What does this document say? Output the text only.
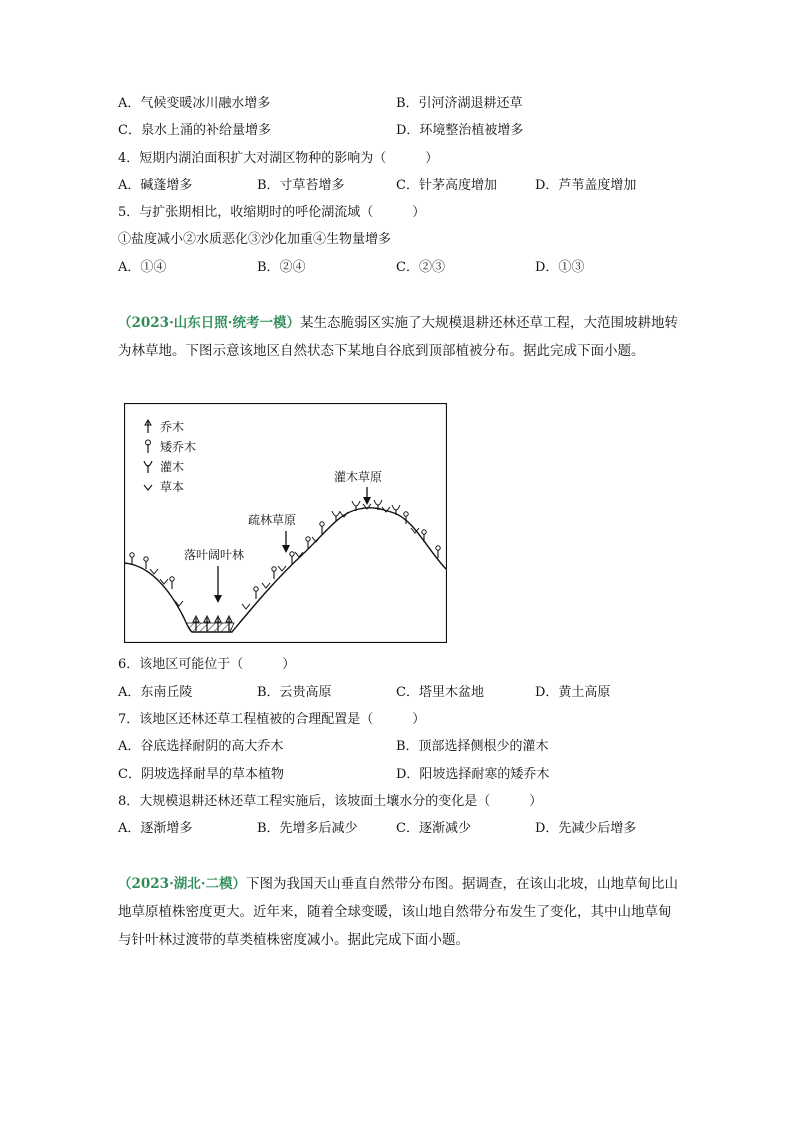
A．气候变暖冰川融水增多	B．引河济湖退耕还草
C．泉水上涌的补给量增多	D．环境整治植被增多
4．短期内湖泊面积扩大对湖区物种的影响为（　　　）
A．碱蓬增多	B．寸草苔增多	C．针茅高度增加	D．芦苇盖度增加
5．与扩张期相比，收缩期时的呼伦湖流域（　　　）
①盐度减小②水质恶化③沙化加重④生物量增多
A．①④	B．②④	C．②③	D．①③
（2023·山东日照·统考一模）某生态脆弱区实施了大规模退耕还林还草工程，大范围坡耕地转为林草地。下图示意该地区自然状态下某地自谷底到顶部植被分布。据此完成下面小题。
乔木
矮乔木
灌木
草本
落叶阔叶林
疏林草原
灌木草原
6．该地区可能位于（　　　）
A．东南丘陵	B．云贵高原	C．塔里木盆地	D．黄土高原
7．该地区还林还草工程植被的合理配置是（　　　）
A．谷底选择耐阴的高大乔木	B．顶部选择侧根少的灌木
C．阴坡选择耐旱的草本植物	D．阳坡选择耐寒的矮乔木
8．大规模退耕还林还草工程实施后，该坡面土壤水分的变化是（　　　）
A．逐渐增多	B．先增多后减少	C．逐渐减少	D．先减少后增多
（2023·湖北·二模）下图为我国天山垂直自然带分布图。据调查，在该山北坡，山地草甸比山地草原植株密度更大。近年来，随着全球变暖，该山地自然带分布发生了变化，其中山地草甸与针叶林过渡带的草类植株密度减小。据此完成下面小题。
